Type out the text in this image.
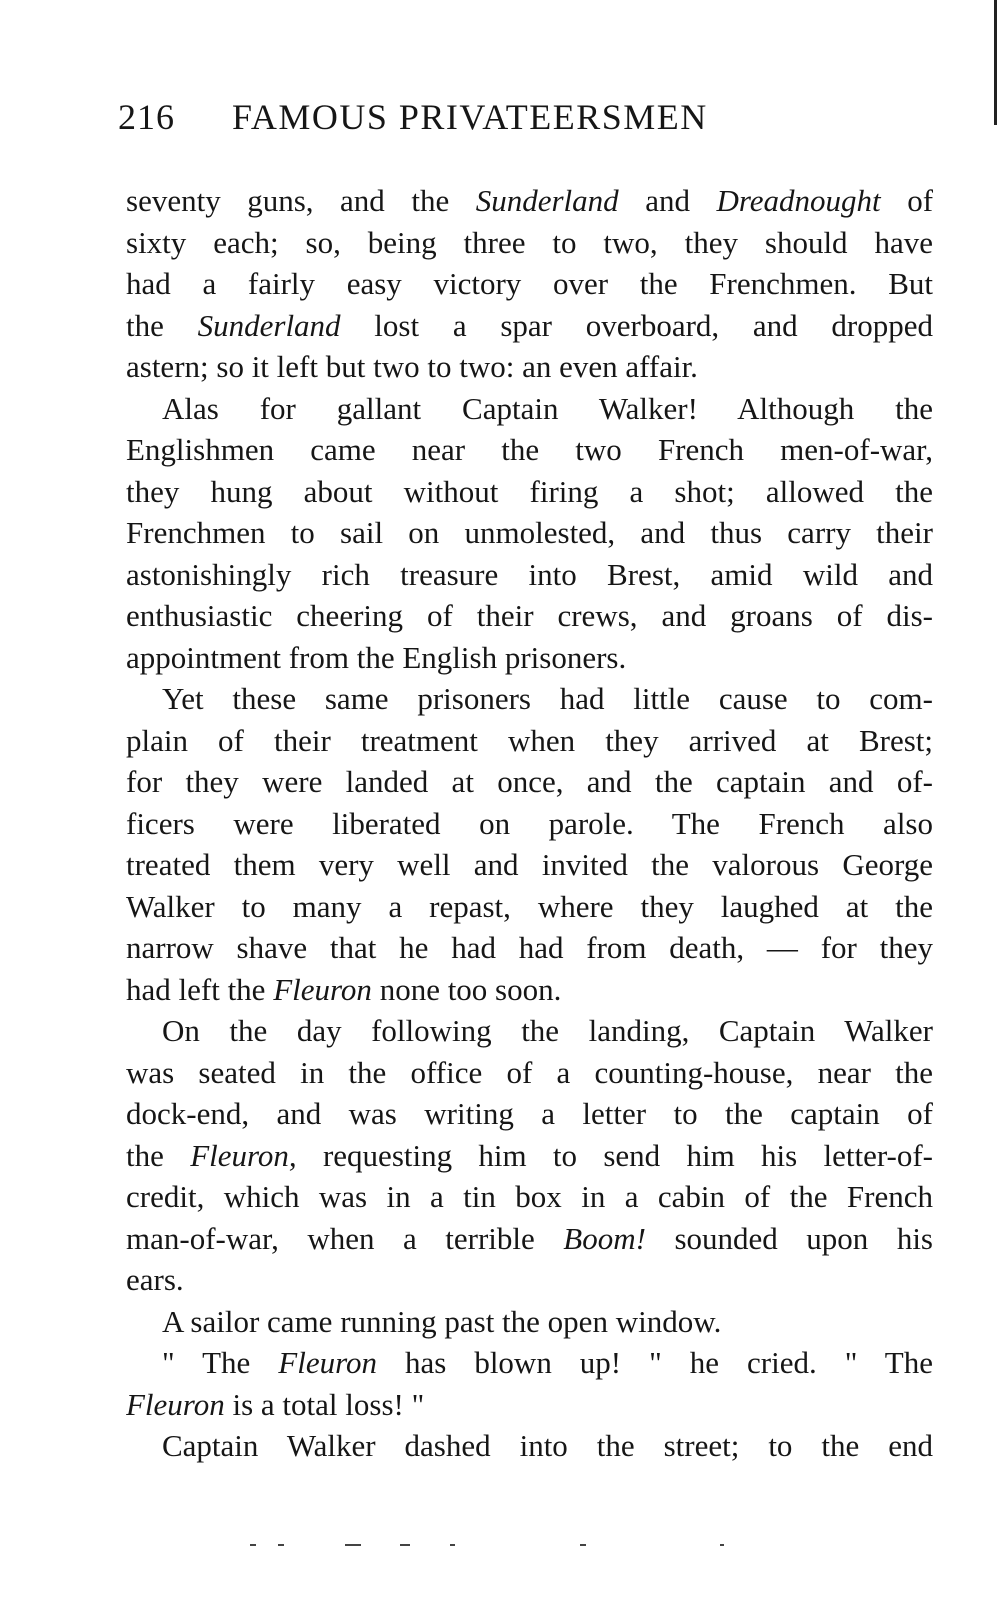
216 FAMOUS PRIVATEERSMEN
seventy guns, and the Sunderland and Dreadnought of
sixty each; so, being three to two, they should have
had a fairly easy victory over the Frenchmen. But
the Sunderland lost a spar overboard, and dropped
astern; so it left but two to two: an even affair.
Alas for gallant Captain Walker! Although the
Englishmen came near the two French men-of-war,
they hung about without firing a shot; allowed the
Frenchmen to sail on unmolested, and thus carry their
astonishingly rich treasure into Brest, amid wild and
enthusiastic cheering of their crews, and groans of dis-
appointment from the English prisoners.
Yet these same prisoners had little cause to com-
plain of their treatment when they arrived at Brest;
for they were landed at once, and the captain and of-
ficers were liberated on parole. The French also
treated them very well and invited the valorous George
Walker to many a repast, where they laughed at the
narrow shave that he had had from death, — for they
had left the Fleuron none too soon.
On the day following the landing, Captain Walker
was seated in the office of a counting-house, near the
dock-end, and was writing a letter to the captain of
the Fleuron, requesting him to send him his letter-of-
credit, which was in a tin box in a cabin of the French
man-of-war, when a terrible Boom! sounded upon his
ears.
A sailor came running past the open window.
" The Fleuron has blown up! " he cried. " The
Fleuron is a total loss! "
Captain Walker dashed into the street; to the end
